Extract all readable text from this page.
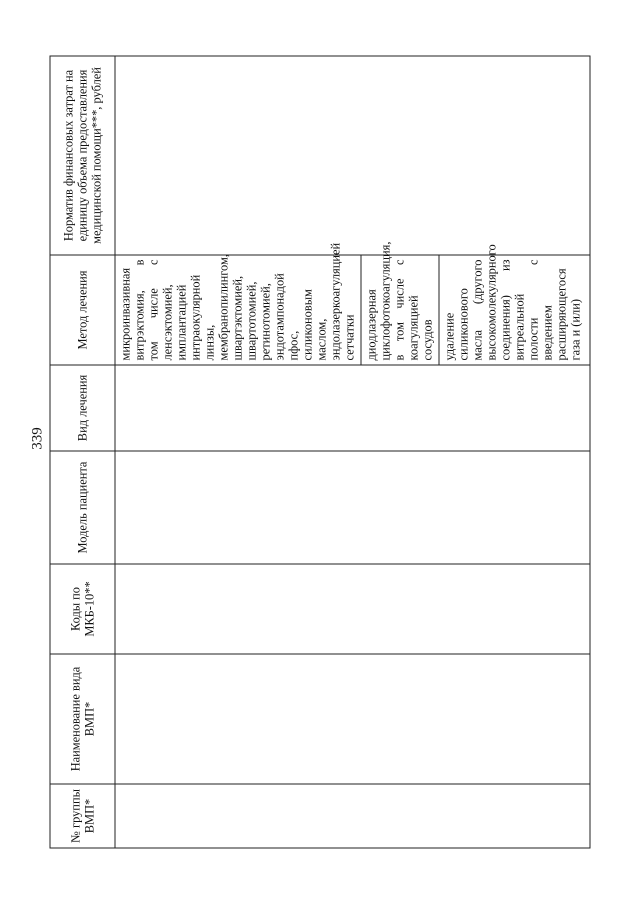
339
№ группы ВМП*	Наименование вида ВМП*	Коды по МКБ-10**	Модель пациента	Вид лечения	Метод лечения	Норматив финансовых затрат на единицу объема предоставления медицинской помощи***, рублей

					микроинвазивная витрэктомия, в том числе с ленсэктомией, имплантацией интраокулярной линзы, мембранопилингом, швартэктомией, швартотомией, ретинотомией, эндотампонадой пфос, силиконовым маслом, эндолазеркоагуляцией сетчатки диодлазерная циклофотокоагуляция, в том числе с коагуляцией сосудов удаление силиконового масла (другого высокомолекулярного соединения) из витреальной полости с введением расширяющегося газа и (или)	
